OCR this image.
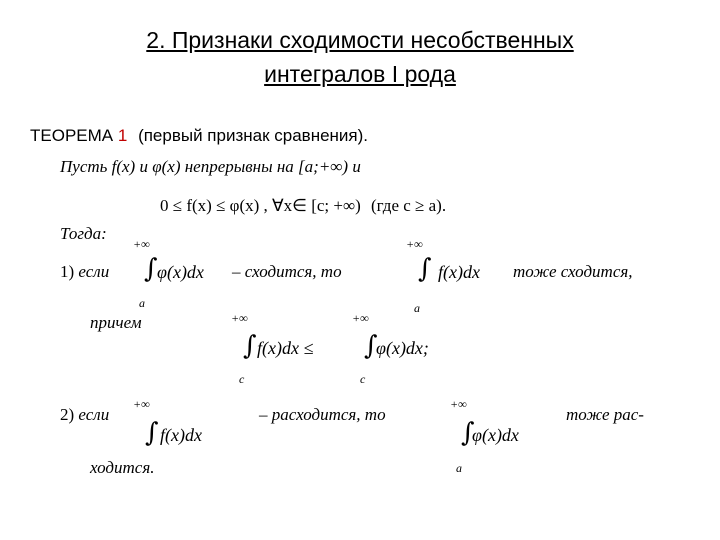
2. Признаки сходимости несобственных
интегралов I рода
ТЕОРЕМА 1 (первый признак сравнения).
Пусть f(x) и φ(x) непрерывны на [a;+∞) и
0 ≤ f(x) ≤ φ(x) , ∀x∈ [c; +∞) (где c ≥ a).
Тогда:
1) если
+∞
∫
a
φ(x)dx – сходится, то
+∞
∫
a
f(x)dx тоже сходится,
причем	+∞
∫
c
f(x)dx ≤
+∞
∫
c
φ(x)dx;
2) если
+∞
∫ f(x)dx
– расходится, то
+∞
∫
a
φ(x)dx
тоже рас-
ходится.
